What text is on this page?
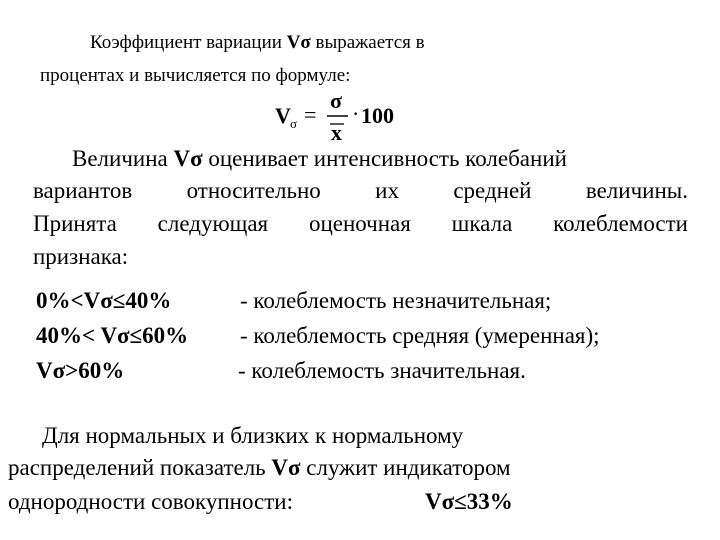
Коэффициент вариации Vσ выражается в
процентах и вычисляется по формуле:
V σ =
σ
x
· 100
Величина Vσ оценивает интенсивность колебаний
вариантов относительно их средней величины.
Принята следующая оценочная шкала колеблемости
признака:
0%<Vσ≤40%	- колеблемость незначительная;
40%< Vσ≤60% - колеблемость средняя (умеренная);
Vσ>60%	- колеблемость значительная.
Для нормальных и близких к нормальному
распределений показатель Vσ служит индикатором
однородности совокупности:	Vσ≤33%
